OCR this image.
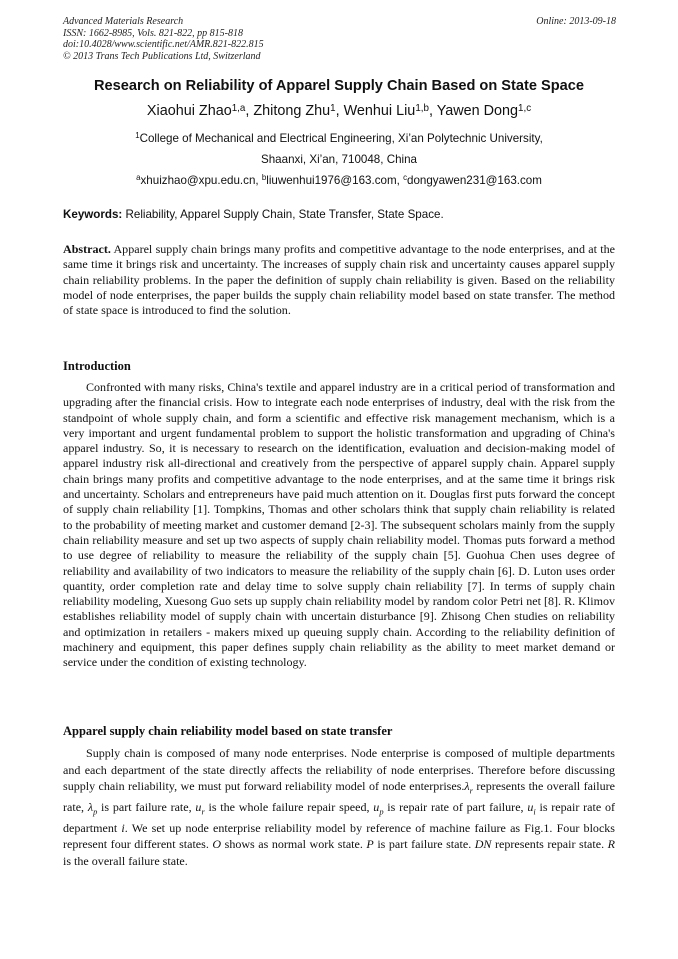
Advanced Materials Research
ISSN: 1662-8985, Vols. 821-822, pp 815-818
doi:10.4028/www.scientific.net/AMR.821-822.815
© 2013 Trans Tech Publications Ltd, Switzerland
Online: 2013-09-18
Research on Reliability of Apparel Supply Chain Based on State Space
Xiaohui Zhao$^{1,a}$, Zhitong Zhu$^1$, Wenhui Liu$^{1,b}$, Yawen Dong$^{1,c}$
$^1$College of Mechanical and Electrical Engineering, Xi’an Polytechnic University,
Shaanxi, Xi’an, 710048, China
$^a$xhuizhao@xpu.edu.cn, $^b$liuwenhui1976@163.com, $^c$dongyawen231@163.com
Keywords: Reliability, Apparel Supply Chain, State Transfer, State Space.
Abstract. Apparel supply chain brings many profits and competitive advantage to the node enterprises, and at the same time it brings risk and uncertainty. The increases of supply chain risk and uncertainty causes apparel supply chain reliability problems. In the paper the definition of supply chain reliability is given. Based on the reliability model of node enterprises, the paper builds the supply chain reliability model based on state transfer. The method of state space is introduced to find the solution.
Introduction
Confronted with many risks, China's textile and apparel industry are in a critical period of transformation and upgrading after the financial crisis. How to integrate each node enterprises of industry, deal with the risk from the standpoint of whole supply chain, and form a scientific and effective risk management mechanism, which is a very important and urgent fundamental problem to support the holistic transformation and upgrading of China's apparel industry. So, it is necessary to research on the identification, evaluation and decision-making model of apparel industry risk all-directional and creatively from the perspective of apparel supply chain. Apparel supply chain brings many profits and competitive advantage to the node enterprises, and at the same time it brings risk and uncertainty. Scholars and entrepreneurs have paid much attention on it. Douglas first puts forward the concept of supply chain reliability [1]. Tompkins, Thomas and other scholars think that supply chain reliability is related to the probability of meeting market and customer demand [2-3]. The subsequent scholars mainly from the supply chain reliability measure and set up two aspects of supply chain reliability model. Thomas puts forward a method to use degree of reliability to measure the reliability of the supply chain [5]. Guohua Chen uses degree of reliability and availability of two indicators to measure the reliability of the supply chain [6]. D. Luton uses order quantity, order completion rate and delay time to solve supply chain reliability [7]. In terms of supply chain reliability modeling, Xuesong Guo sets up supply chain reliability model by random color Petri net [8]. R. Klimov establishes reliability model of supply chain with uncertain disturbance [9]. Zhisong Chen studies on reliability and optimization in retailers - makers mixed up queuing supply chain. According to the reliability definition of machinery and equipment, this paper defines supply chain reliability as the ability to meet market demand or service under the condition of existing technology.
Apparel supply chain reliability model based on state transfer
Supply chain is composed of many node enterprises. Node enterprise is composed of multiple departments and each department of the state directly affects the reliability of node enterprises. Therefore before discussing supply chain reliability, we must put forward reliability model of node $enterprises.\lambda_r$ represents the overall failure rate, $\lambda_p$ is part failure rate, $u_r$ is the whole failure repair speed, $u_p$ is repair rate of part failure, $u_i$ is repair rate of department i. We set up node enterprise reliability model by reference of machine failure as Fig.1. Four blocks represent four different states. O shows as normal work state. P is part failure state. DN represents repair state. R is the overall failure state.
